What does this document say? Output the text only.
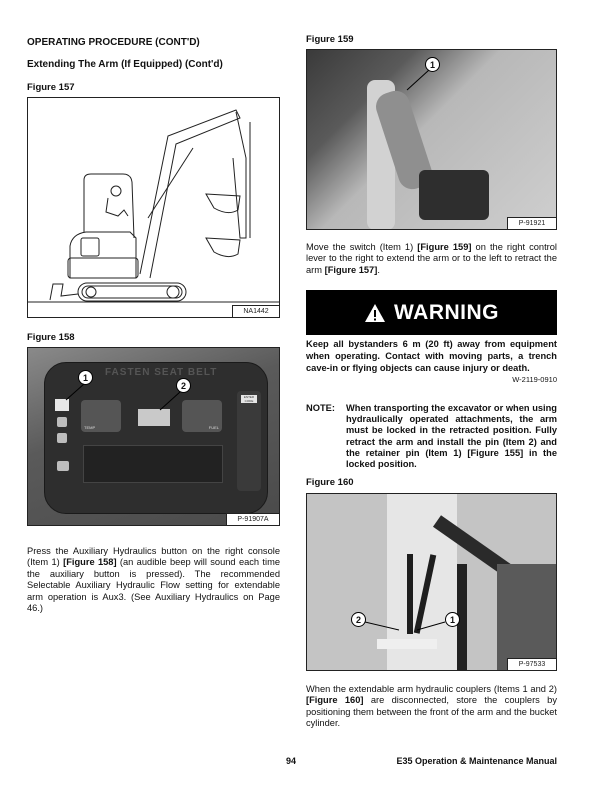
OPERATING PROCEDURE (CONT'D)
Extending The Arm (If Equipped) (Cont'd)
Figure 157
NA1442
Figure 158
FASTEN SEAT BELT
TEMP	FUEL
ENTER CODE
1
2
P-91907A
Press the Auxiliary Hydraulics button on the right console (Item 1) [Figure 158] (an audible beep will sound each time the auxiliary button is pressed). The recommended Selectable Auxiliary Hydraulic Flow setting for extendable arm operation is Aux3. (See Auxiliary Hydraulics on Page 46.)
Figure 159
1
P-91921
Move the switch (Item 1) [Figure 159] on the right control lever to the right to extend the arm or to the left to retract the arm [Figure 157].
WARNING
Keep all bystanders 6 m (20 ft) away from equipment when operating. Contact with moving parts, a trench cave-in or flying objects can cause injury or death.
W-2119-0910
NOTE:	When transporting the excavator or when using hydraulically operated attachments, the arm must be locked in the retracted position. Fully retract the arm and install the pin (Item 2) and the retainer pin (Item 1) [Figure 155] in the locked position.
Figure 160
2	1
P-97533
When the extendable arm hydraulic couplers (Items 1 and 2) [Figure 160] are disconnected, store the couplers by positioning them between the front of the arm and the bucket cylinder.
94	E35 Operation & Maintenance Manual
